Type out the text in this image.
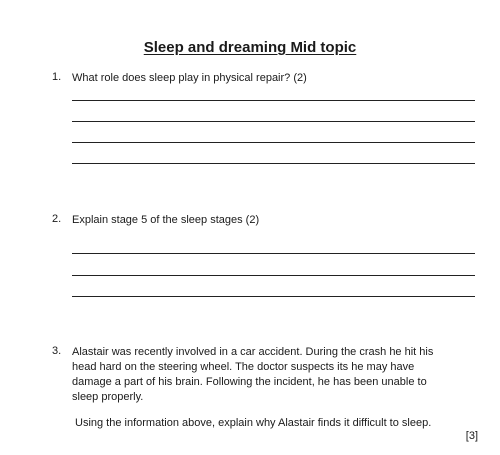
Sleep and dreaming Mid topic
1. What role does sleep play in physical repair? (2)
2. Explain stage 5 of the sleep stages (2)
3. Alastair was recently involved in a car accident. During the crash he hit his
head hard on the steering wheel. The doctor suspects its he may have
damage a part of his brain. Following the incident, he has been unable to
sleep properly.
Using the information above, explain why Alastair finds it difficult to sleep.
[3]
